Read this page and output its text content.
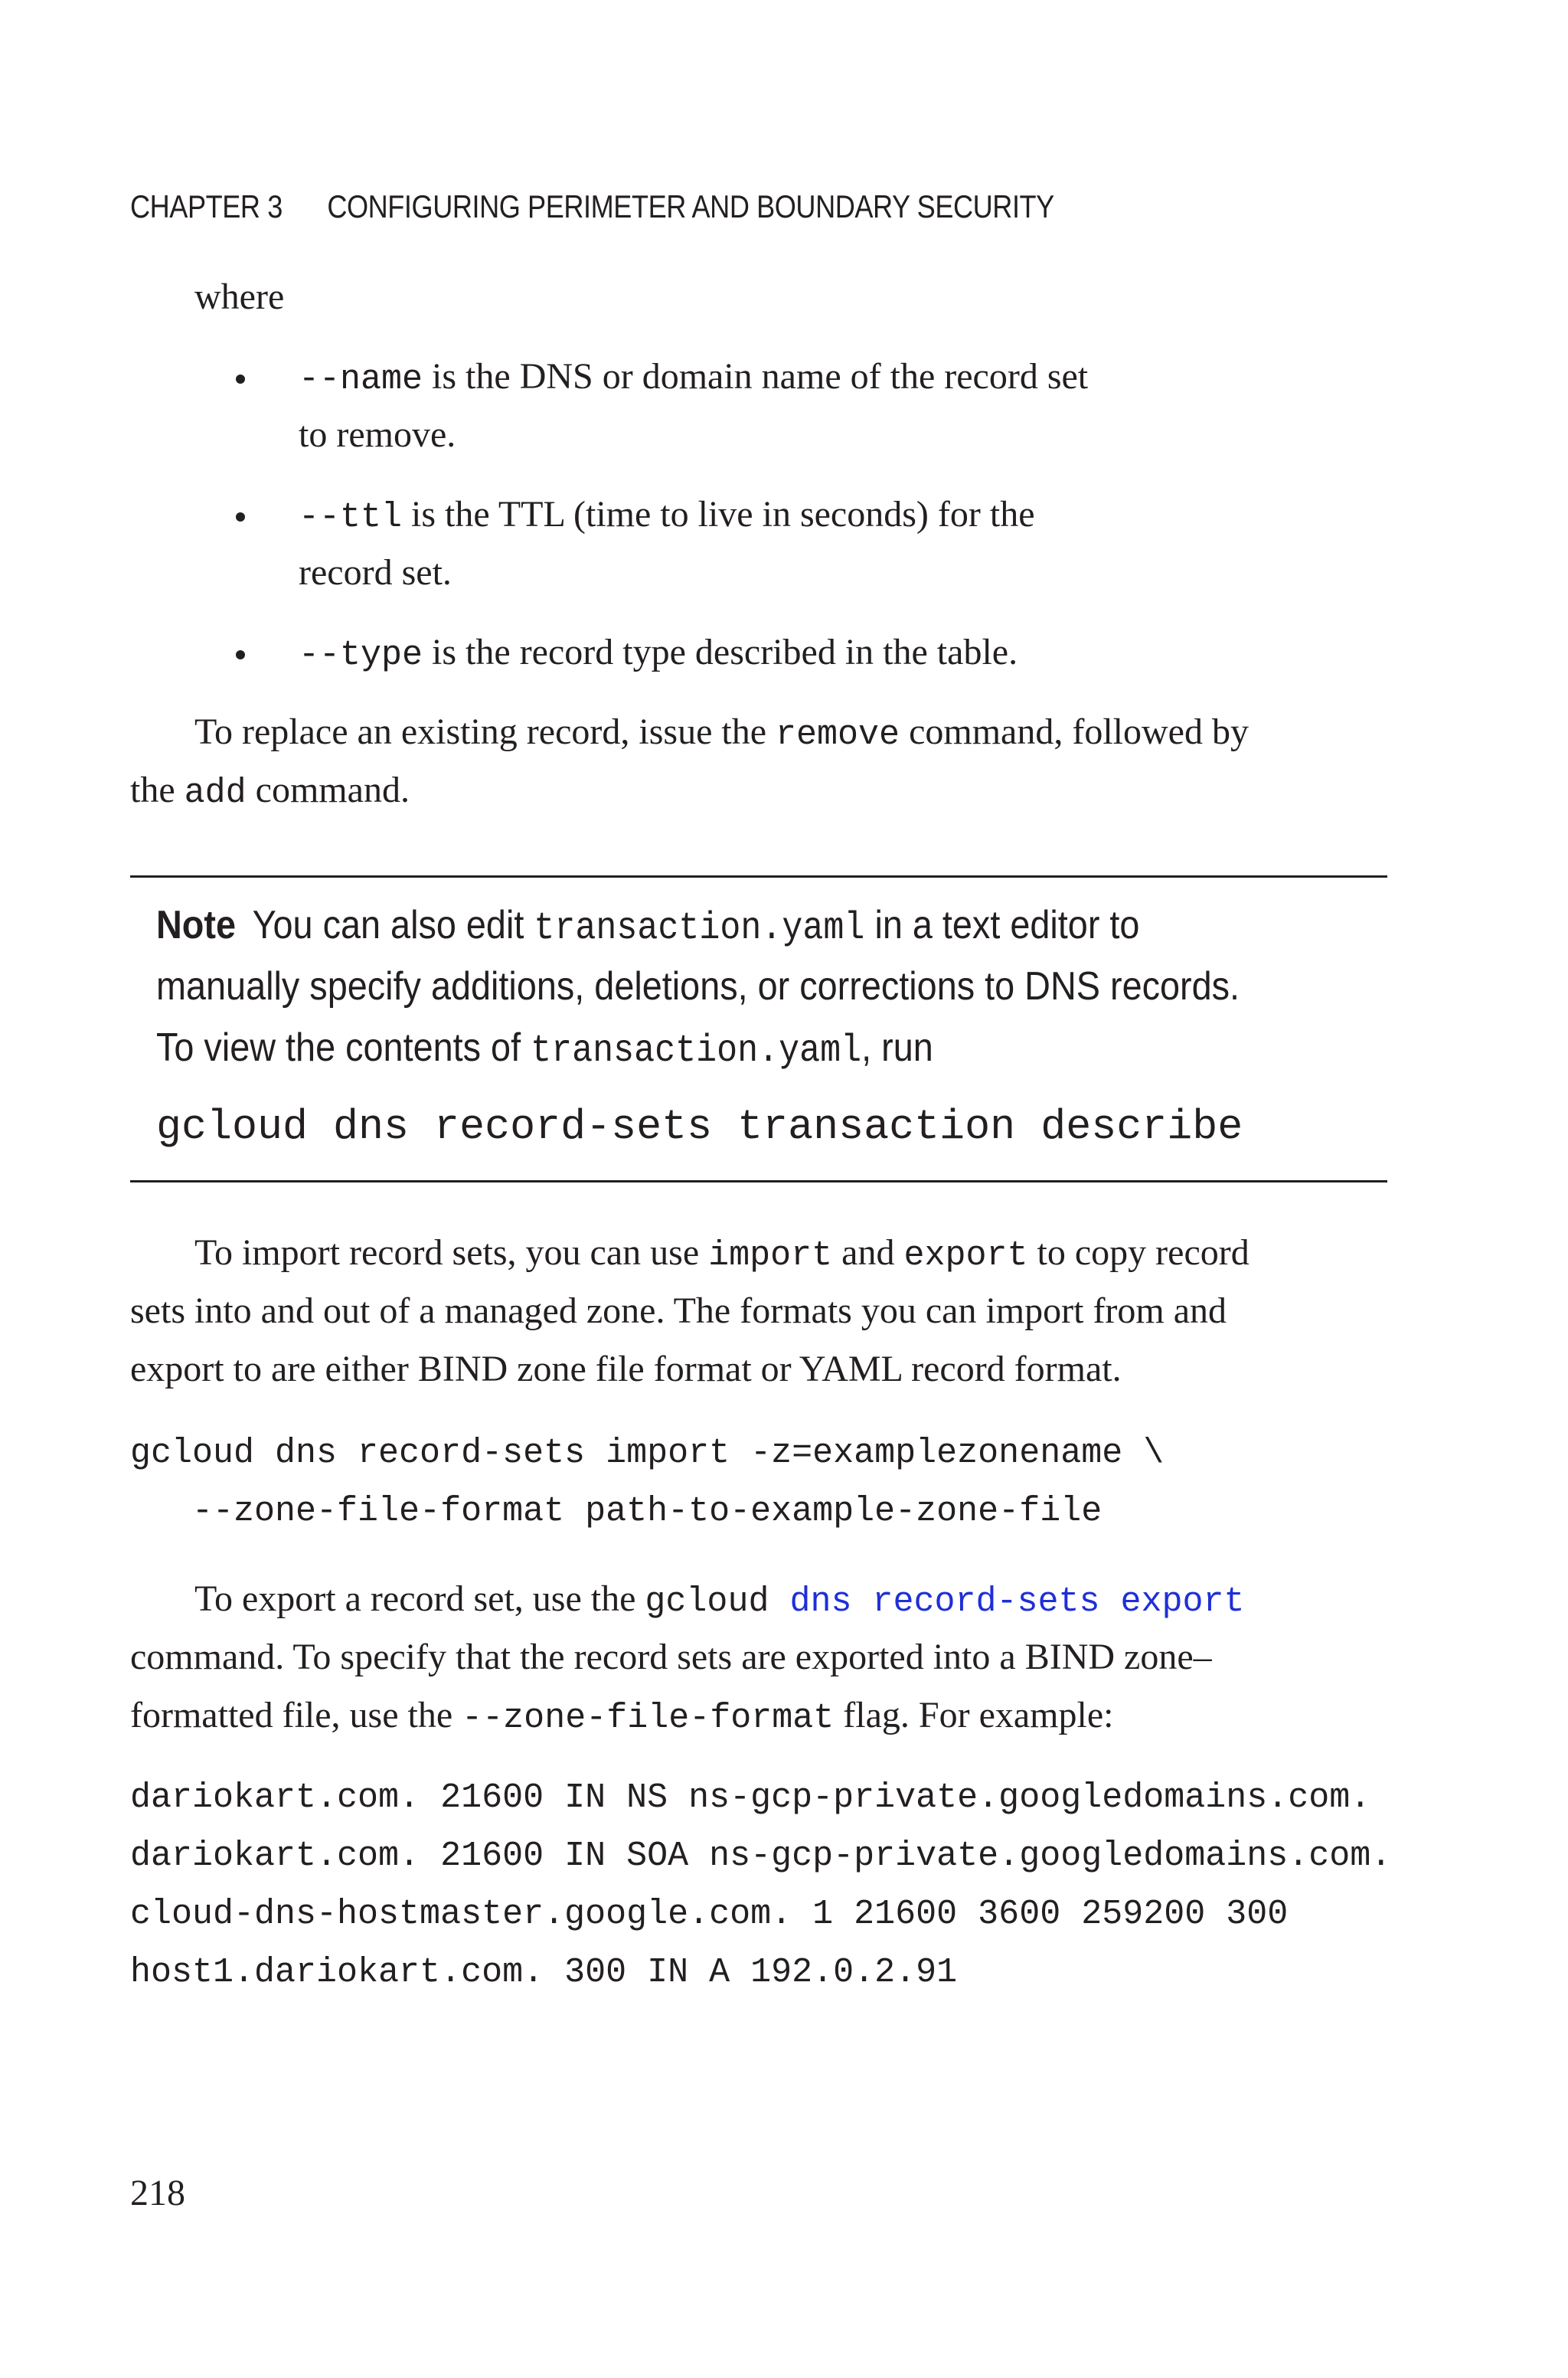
CHAPTER 3 CONFIGURING PERIMETER AND BOUNDARY SECURITY
where
--name is the DNS or domain name of the record set
to remove.
--ttl is the TTL (time to live in seconds) for the
record set.
--type is the record type described in the table.
To replace an existing record, issue the remove command, followed by
the add command.
Note You can also edit transaction.yaml in a text editor to
manually specify additions, deletions, or corrections to DNS records.
To view the contents of transaction.yaml, run
gcloud dns record-sets transaction describe
To import record sets, you can use import and export to copy record
sets into and out of a managed zone. The formats you can import from and
export to are either BIND zone file format or YAML record format.
gcloud dns record-sets import -z=examplezonename \
--zone-file-format path-to-example-zone-file
To export a record set, use the gcloud dns record-sets export
command. To specify that the record sets are exported into a BIND zone–
formatted file, use the --zone-file-format flag. For example:
dariokart.com. 21600 IN NS ns-gcp-private.googledomains.com.
dariokart.com. 21600 IN SOA ns-gcp-private.googledomains.com.
cloud-dns-hostmaster.google.com. 1 21600 3600 259200 300
host1.dariokart.com. 300 IN A 192.0.2.91
218
